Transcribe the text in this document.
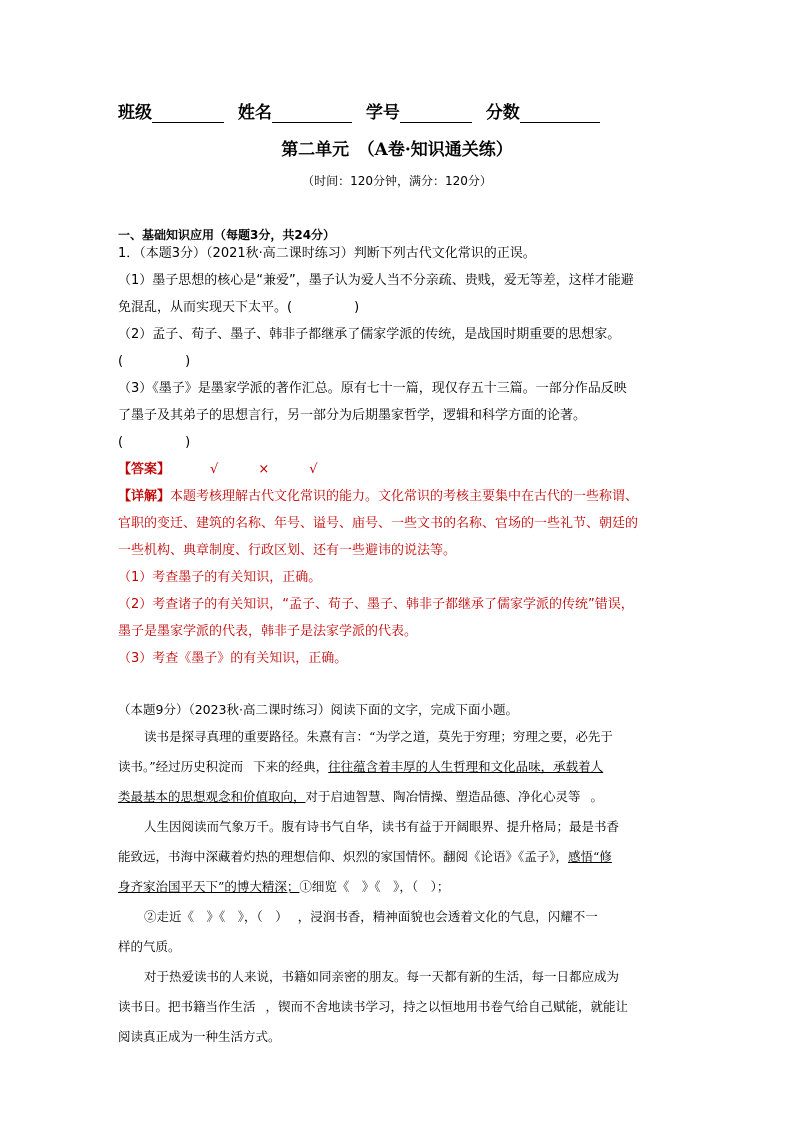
班级	姓名	学号	分数
第二单元　（A卷·知识通关练）
（时间：120分钟，满分：120分）
一、基础知识应用（每题3分，共24分）
1．（本题3分）（2021秋·高二课时练习）判断下列古代文化常识的正误。
（1）墨子思想的核心是“兼爱”，墨子认为爱人当不分亲疏、贵贱，爱无等差，这样才能避
免混乱，从而实现天下太平。(	)
（2）孟子、荀子、墨子、韩非子都继承了儒家学派的传统，是战国时期重要的思想家。
(	)
（3）《墨子》是墨家学派的著作汇总。原有七十一篇，现仅存五十三篇。一部分作品反映
了墨子及其弟子的思想言行，另一部分为后期墨家哲学，逻辑和科学方面的论著。
(	)
【答案】	√	×	√
【详解】本题考核理解古代文化常识的能力。文化常识的考核主要集中在古代的一些称谓、
官职的变迁、建筑的名称、年号、谥号、庙号、一些文书的名称、官场的一些礼节、朝廷的
一些机构、典章制度、行政区划、还有一些避讳的说法等。
（1）考查墨子的有关知识，正确。
（2）考查诸子的有关知识，“孟子、荀子、墨子、韩非子都继承了儒家学派的传统”错误，
墨子是墨家学派的代表，韩非子是法家学派的代表。
（3）考查《墨子》的有关知识，正确。
（本题9分）（2023秋·高二课时练习）阅读下面的文字，完成下面小题。
读书是探寻真理的重要路径。朱熹有言：“为学之道，莫先于穷理；穷理之要，必先于
读书。”经过历史积淀而 下来的经典，往往蕴含着丰厚的人生哲理和文化品味，承载着人
类最基本的思想观念和价值取向，对于启迪智慧、陶冶情操、塑造品德、净化心灵等 。
人生因阅读而气象万千。腹有诗书气自华，读书有益于开阔眼界、提升格局；最是书香
能致远，书海中深藏着灼热的理想信仰、炽烈的家国情怀。翻阅《论语》《孟子》，感悟“修
身齐家治国平天下”的博大精深；①细览《　》《　》，（　）；
②走近《　》《　》，（　） ，浸润书香，精神面貌也会透着文化的气息，闪耀不一
样的气质。
对于热爱读书的人来说，书籍如同亲密的朋友。每一天都有新的生活，每一日都应成为
读书日。把书籍当作生活 ，锲而不舍地读书学习，持之以恒地用书卷气给自己赋能，就能让
阅读真正成为一种生活方式。
